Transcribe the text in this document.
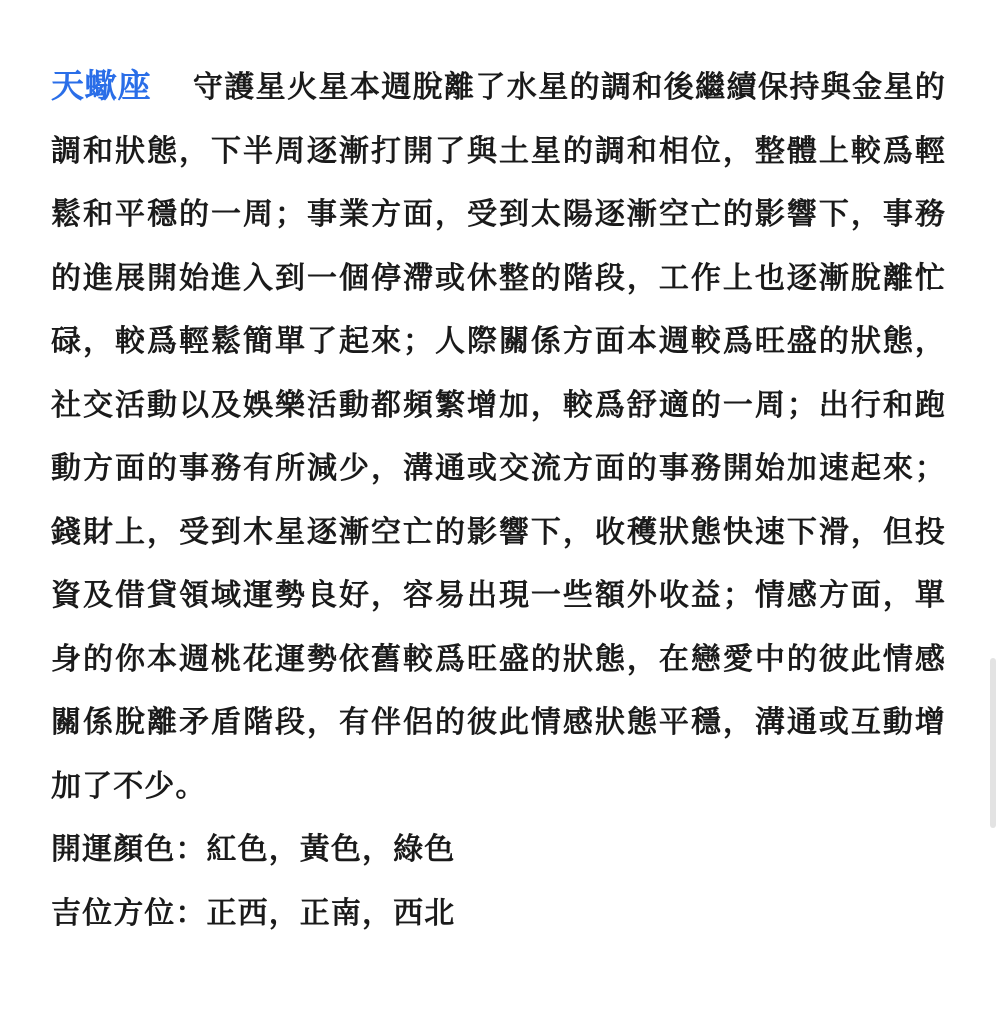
天蠍座 守護星火星本週脫離了水星的調和後繼續保持與金星的調和狀態，下半周逐漸打開了與土星的調和相位，整體上較爲輕鬆和平穩的一周；事業方面，受到太陽逐漸空亡的影響下，事務的進展開始進入到一個停滯或休整的階段，工作上也逐漸脫離忙碌，較爲輕鬆簡單了起來；人際關係方面本週較爲旺盛的狀態，社交活動以及娛樂活動都頻繁增加，較爲舒適的一周；出行和跑動方面的事務有所減少，溝通或交流方面的事務開始加速起來；錢財上，受到木星逐漸空亡的影響下，收穫狀態快速下滑，但投資及借貸領域運勢良好，容易出現一些額外收益；情感方面，單身的你本週桃花運勢依舊較爲旺盛的狀態，在戀愛中的彼此情感關係脫離矛盾階段，有伴侶的彼此情感狀態平穩，溝通或互動增加了不少。

開運顏色：紅色，黃色，綠色

吉位方位：正西，正南，西北
